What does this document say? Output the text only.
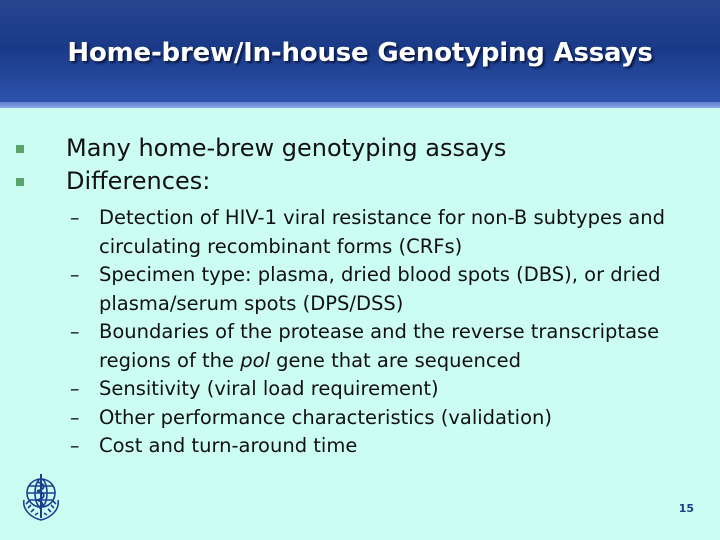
Home-brew/In-house Genotyping Assays
Many home-brew genotyping assays
Differences:
– Detection of HIV-1 viral resistance for non-B subtypes and circulating recombinant forms (CRFs)
– Specimen type: plasma, dried blood spots (DBS), or dried plasma/serum spots (DPS/DSS)
– Boundaries of the protease and the reverse transcriptase regions of the pol gene that are sequenced
– Sensitivity (viral load requirement)
– Other performance characteristics (validation)
– Cost and turn-around time
15
